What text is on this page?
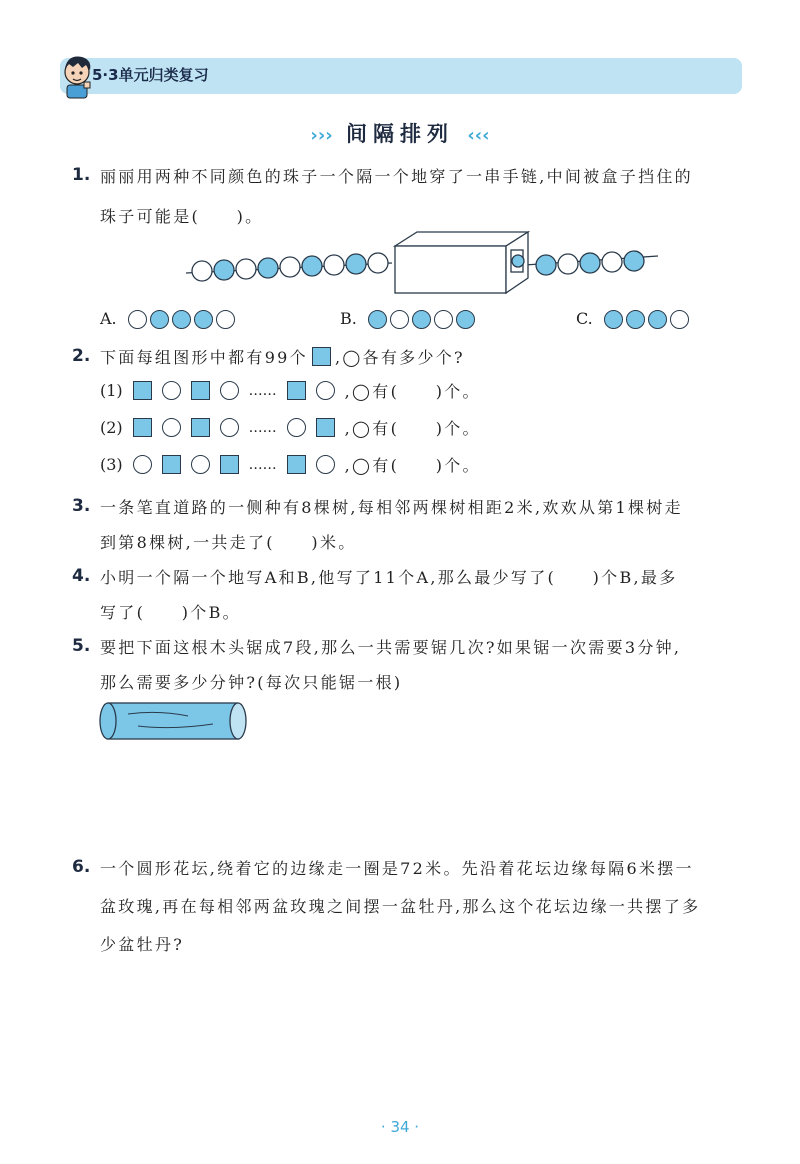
5·3单元归类复习
››› 间隔排列 ‹‹‹
1. 丽丽用两种不同颜色的珠子一个隔一个地穿了一串手链,中间被盒子挡住的
珠子可能是(　　)。
A.	B.	C.
2. 下面每组图形中都有99个 ,◯各有多少个?
(1)	……	,◯有(　　)个。
(2)	……	,◯有(　　)个。
(3)	……	,◯有(　　)个。
3. 一条笔直道路的一侧种有8棵树,每相邻两棵树相距2米,欢欢从第1棵树走
到第8棵树,一共走了(　　)米。
4. 小明一个隔一个地写A和B,他写了11个A,那么最少写了(　　)个B,最多
写了(　　)个B。
5. 要把下面这根木头锯成7段,那么一共需要锯几次?如果锯一次需要3分钟,
那么需要多少分钟?(每次只能锯一根)
6. 一个圆形花坛,绕着它的边缘走一圈是72米。先沿着花坛边缘每隔6米摆一
盆玫瑰,再在每相邻两盆玫瑰之间摆一盆牡丹,那么这个花坛边缘一共摆了多
少盆牡丹?
· 34 ·
